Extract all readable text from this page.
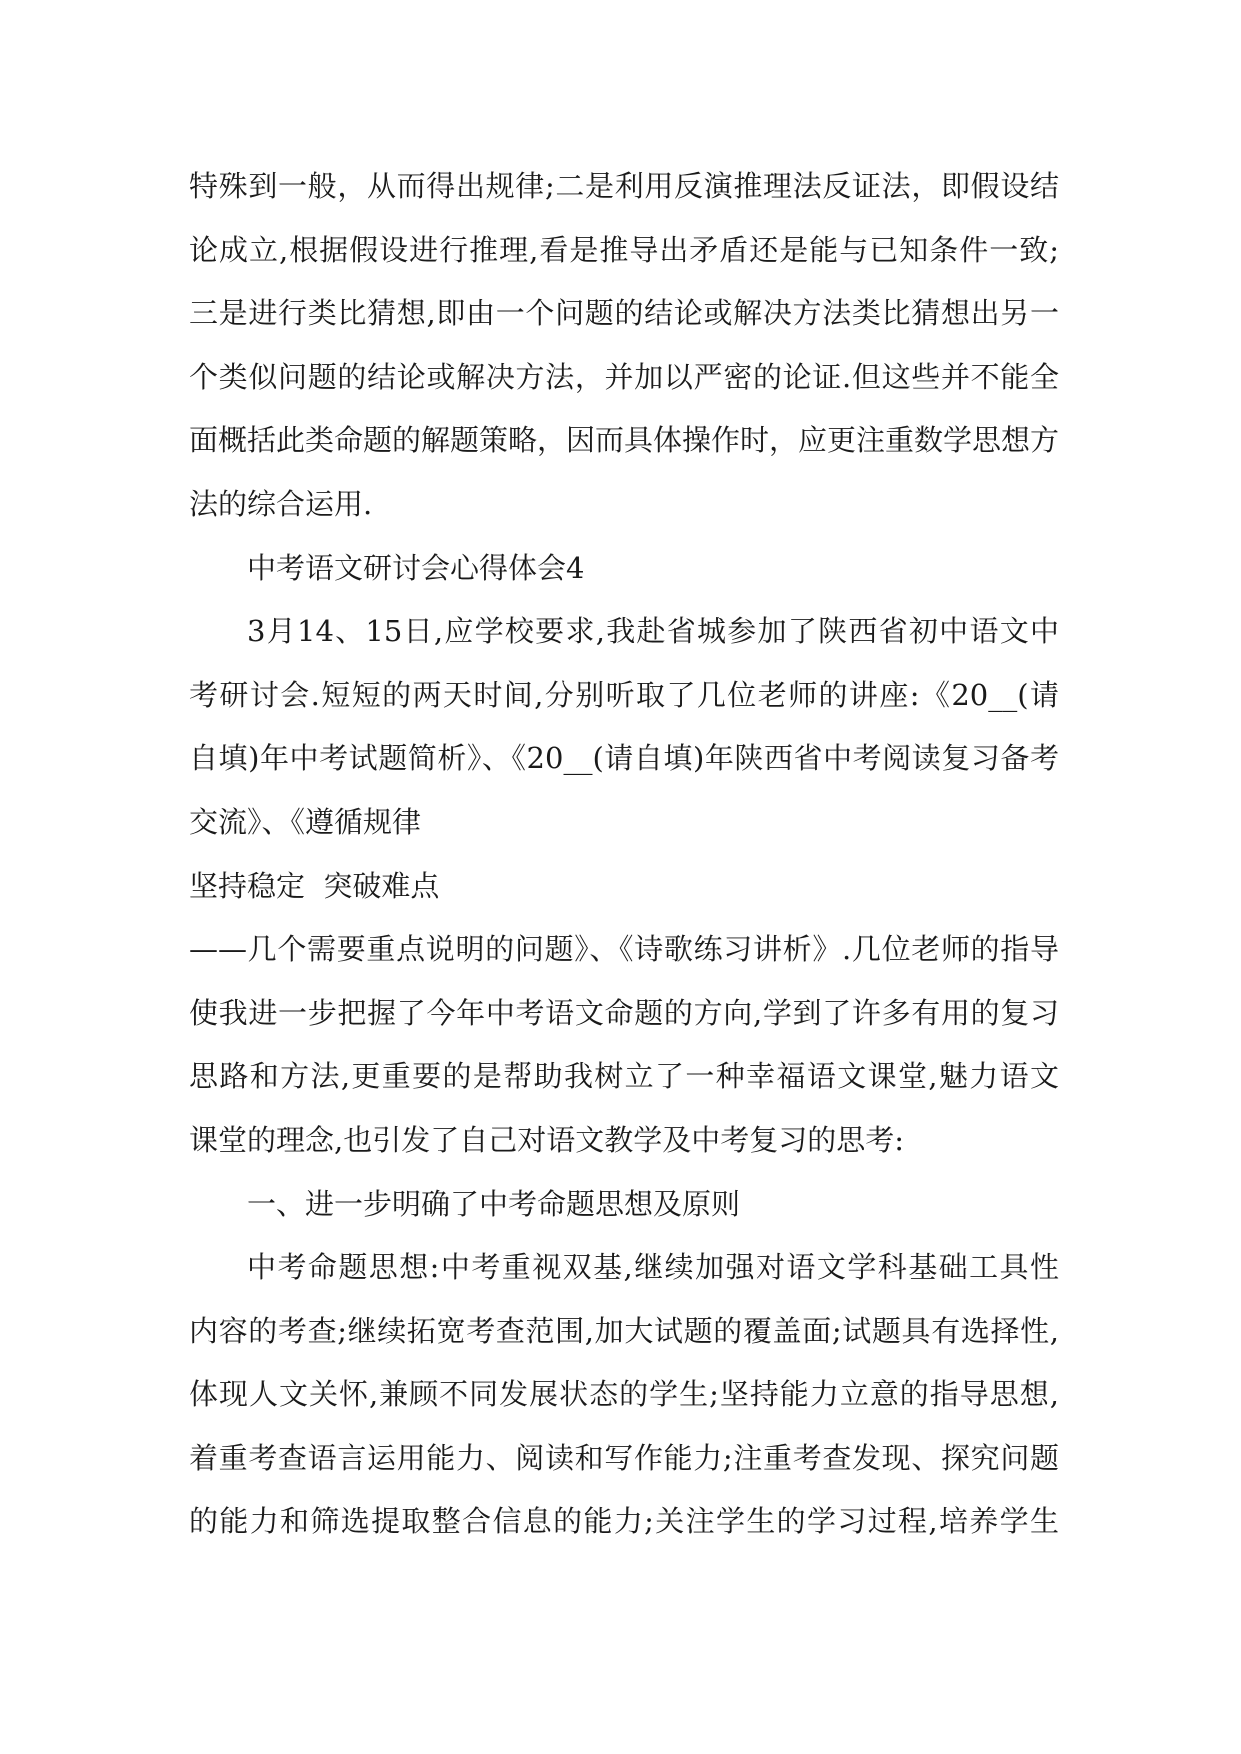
特殊到一般，从而得出规律;二是利用反演推理法反证法，即假设结
论成立,根据假设进行推理,看是推导出矛盾还是能与已知条件一致;
三是进行类比猜想,即由一个问题的结论或解决方法类比猜想出另一
个类似问题的结论或解决方法，并加以严密的论证.但这些并不能全
面概括此类命题的解题策略，因而具体操作时，应更注重数学思想方
法的综合运用.
中考语文研讨会心得体会4
3月14、15日,应学校要求,我赴省城参加了陕西省初中语文中
考研讨会.短短的两天时间,分别听取了几位老师的讲座:《20__(请
自填)年中考试题简析》、《20__(请自填)年陕西省中考阅读复习备考
交流》、《遵循规律
坚持稳定  突破难点
——几个需要重点说明的问题》、《诗歌练习讲析》.几位老师的指导
使我进一步把握了今年中考语文命题的方向,学到了许多有用的复习
思路和方法,更重要的是帮助我树立了一种幸福语文课堂,魅力语文
课堂的理念,也引发了自己对语文教学及中考复习的思考:
一、进一步明确了中考命题思想及原则
中考命题思想:中考重视双基,继续加强对语文学科基础工具性
内容的考查;继续拓宽考查范围,加大试题的覆盖面;试题具有选择性,
体现人文关怀,兼顾不同发展状态的学生;坚持能力立意的指导思想,
着重考查语言运用能力、阅读和写作能力;注重考查发现、探究问题
的能力和筛选提取整合信息的能力;关注学生的学习过程,培养学生
